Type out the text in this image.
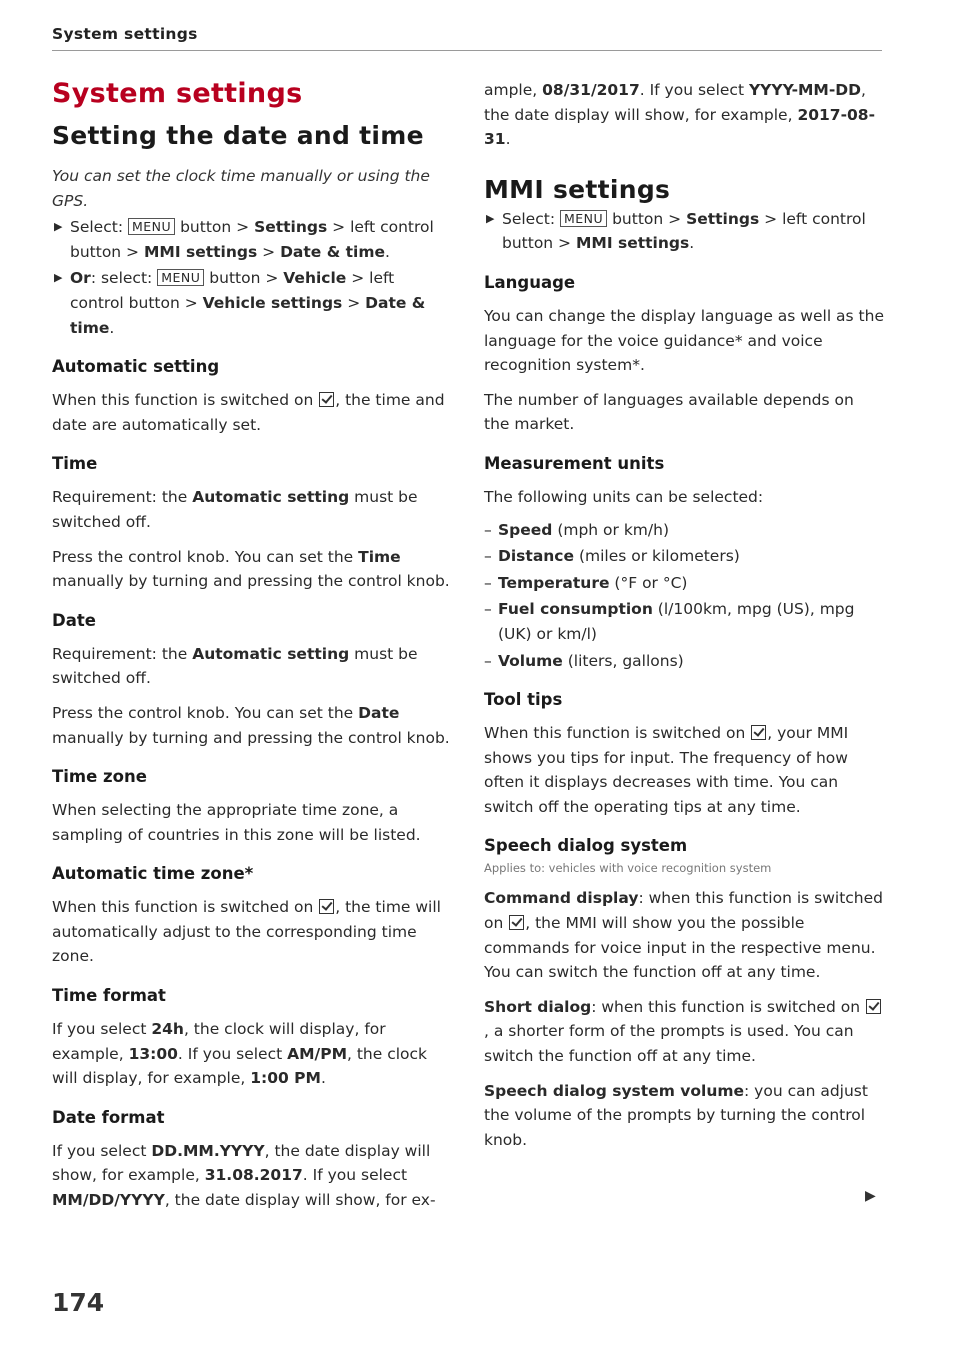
System settings
System settings
Setting the date and time

You can set the clock time manually or using the GPS.

▶ Select: MENU button > Settings > left control button > MMI settings > Date & time.

▶ Or: select: MENU button > Vehicle > left control button > Vehicle settings > Date & time.

Automatic setting

When this function is switched on , the time and date are automatically set.

Time

Requirement: the Automatic setting must be switched off.

Press the control knob. You can set the Time manually by turning and pressing the control knob.

Date

Requirement: the Automatic setting must be switched off.

Press the control knob. You can set the Date manually by turning and pressing the control knob.

Time zone

When selecting the appropriate time zone, a sampling of countries in this zone will be listed.

Automatic time zone*

When this function is switched on , the time will automatically adjust to the corresponding time zone.

Time format

If you select 24h, the clock will display, for example, 13:00. If you select AM/PM, the clock will display, for example, 1:00 PM.

Date format

If you select DD.MM.YYYY, the date display will show, for example, 31.08.2017. If you select MM/DD/YYYY, the date display will show, for ex-

ample, 08/31/2017. If you select YYYY-MM-DD, the date display will show, for example, 2017-08-31.

MMI settings

▶ Select: MENU button > Settings > left control button > MMI settings.

Language

You can change the display language as well as the language for the voice guidance* and voice recognition system*.

The number of languages available depends on the market.

Measurement units

The following units can be selected:

– Speed (mph or km/h)
– Distance (miles or kilometers)
– Temperature (°F or °C)
– Fuel consumption (l/100km, mpg (US), mpg (UK) or km/l)
– Volume (liters, gallons)
Tool tips

When this function is switched on , your MMI shows you tips for input. The frequency of how often it displays decreases with time. You can switch off the operating tips at any time.

Speech dialog system

Applies to: vehicles with voice recognition system

Command display: when this function is switched on , the MMI will show you the possible commands for voice input in the respective menu. You can switch the function off at any time.

Short dialog: when this function is switched on , a shorter form of the prompts is used. You can switch the function off at any time.

Speech dialog system volume: you can adjust the volume of the prompts by turning the control knob.

▶
174
